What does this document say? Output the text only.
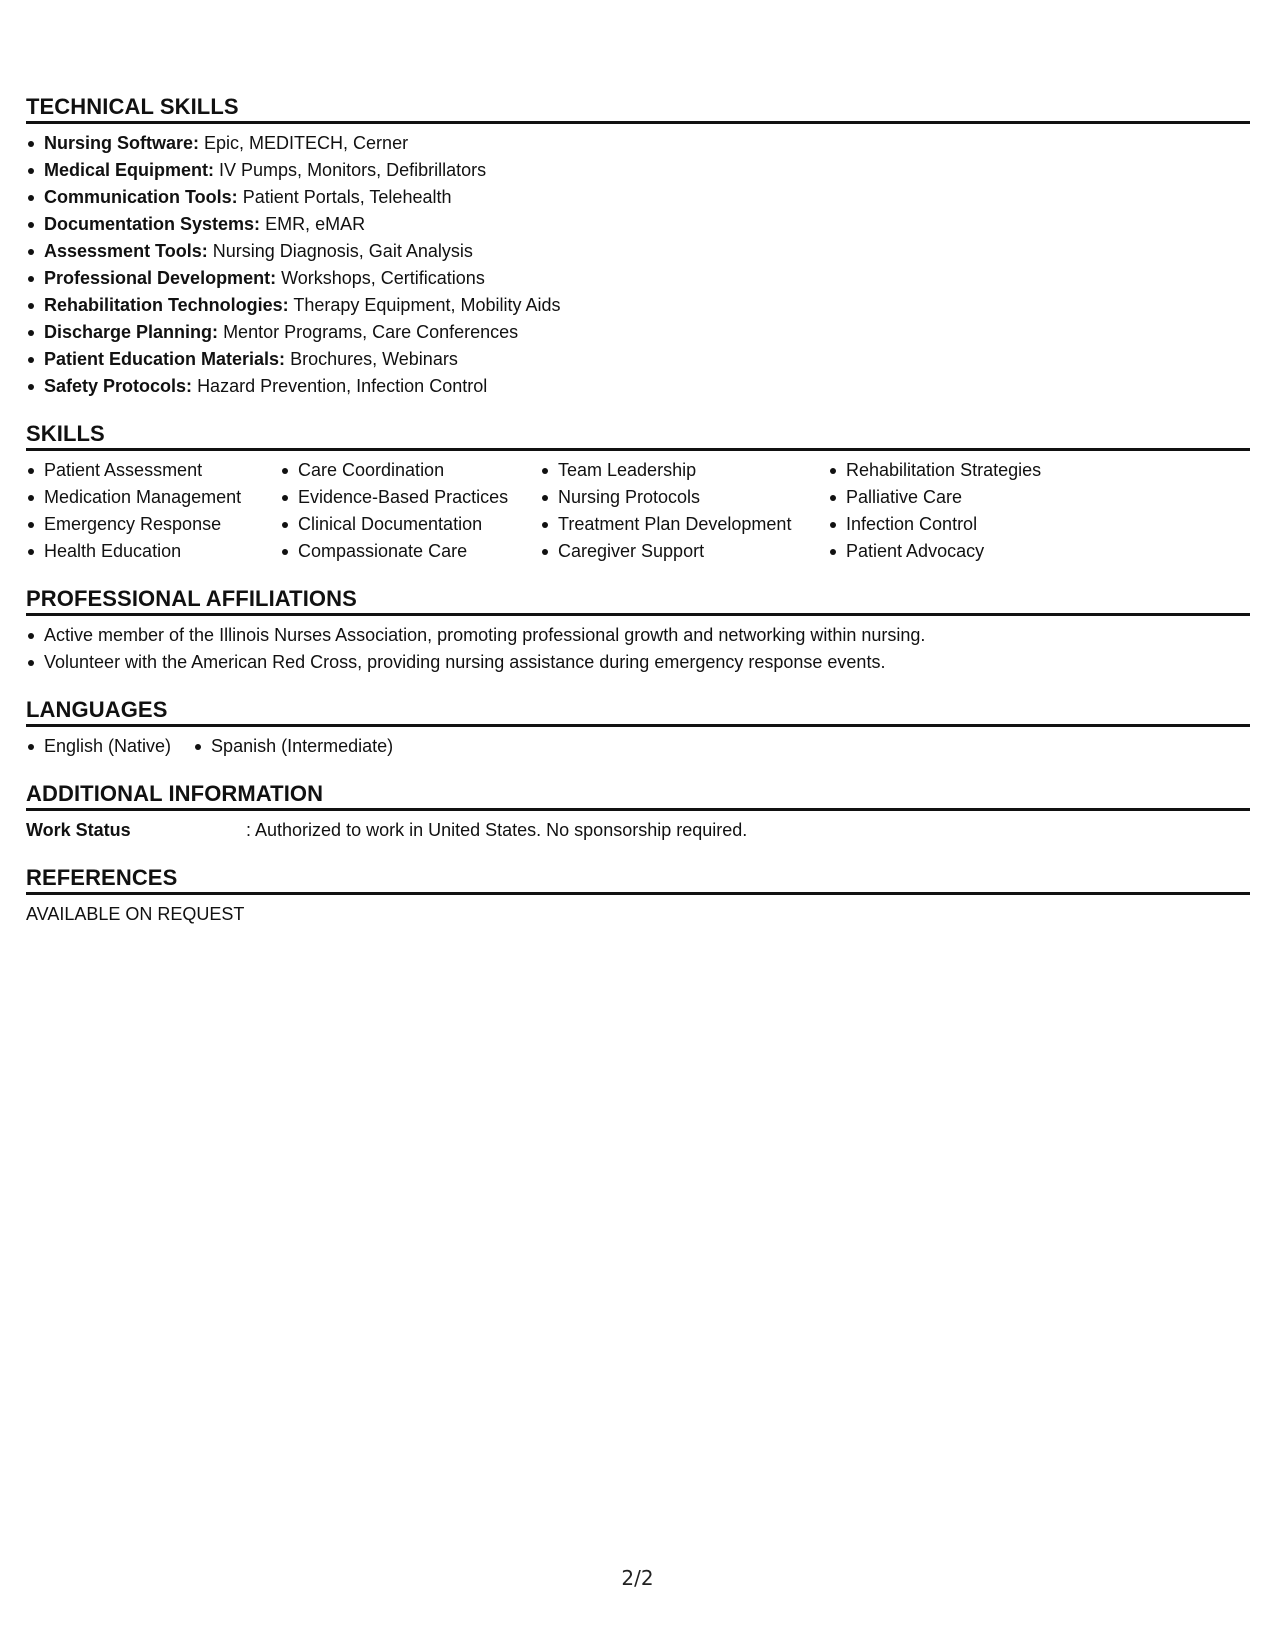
TECHNICAL SKILLS
Nursing Software: Epic, MEDITECH, Cerner
Medical Equipment: IV Pumps, Monitors, Defibrillators
Communication Tools: Patient Portals, Telehealth
Documentation Systems: EMR, eMAR
Assessment Tools: Nursing Diagnosis, Gait Analysis
Professional Development: Workshops, Certifications
Rehabilitation Technologies: Therapy Equipment, Mobility Aids
Discharge Planning: Mentor Programs, Care Conferences
Patient Education Materials: Brochures, Webinars
Safety Protocols: Hazard Prevention, Infection Control
SKILLS
Patient Assessment
Medication Management
Emergency Response
Health Education
Care Coordination
Evidence-Based Practices
Clinical Documentation
Compassionate Care
Team Leadership
Nursing Protocols
Treatment Plan Development
Caregiver Support
Rehabilitation Strategies
Palliative Care
Infection Control
Patient Advocacy
PROFESSIONAL AFFILIATIONS
Active member of the Illinois Nurses Association, promoting professional growth and networking within nursing.
Volunteer with the American Red Cross, providing nursing assistance during emergency response events.
LANGUAGES
English (Native)	Spanish (Intermediate)
ADDITIONAL INFORMATION
Work Status	: Authorized to work in United States. No sponsorship required.
REFERENCES
AVAILABLE ON REQUEST
2/2
